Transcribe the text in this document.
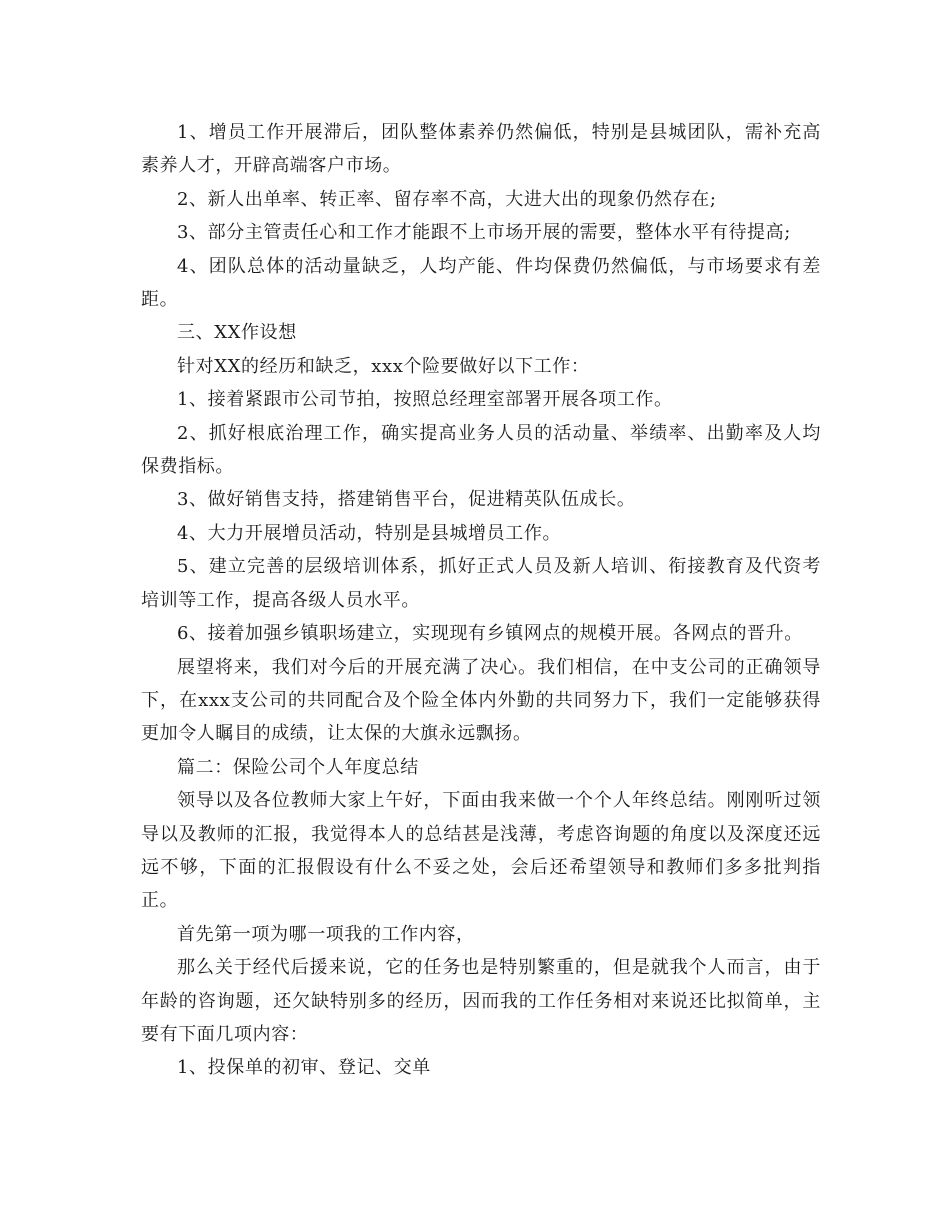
1、增员工作开展滞后，团队整体素养仍然偏低，特别是县城团队，需补充高素养人才，开辟高端客户市场。

2、新人出单率、转正率、留存率不高，大进大出的现象仍然存在;

3、部分主管责任心和工作才能跟不上市场开展的需要，整体水平有待提高;

4、团队总体的活动量缺乏，人均产能、件均保费仍然偏低，与市场要求有差距。

三、XX作设想

针对XX的经历和缺乏，xxx个险要做好以下工作：

1、接着紧跟市公司节拍，按照总经理室部署开展各项工作。

2、抓好根底治理工作，确实提高业务人员的活动量、举绩率、出勤率及人均保费指标。

3、做好销售支持，搭建销售平台，促进精英队伍成长。

4、大力开展增员活动，特别是县城增员工作。

5、建立完善的层级培训体系，抓好正式人员及新人培训、衔接教育及代资考培训等工作，提高各级人员水平。

6、接着加强乡镇职场建立，实现现有乡镇网点的规模开展。各网点的晋升。

展望将来，我们对今后的开展充满了决心。我们相信，在中支公司的正确领导下，在xxx支公司的共同配合及个险全体内外勤的共同努力下，我们一定能够获得更加令人瞩目的成绩，让太保的大旗永远飘扬。

篇二：保险公司个人年度总结

领导以及各位教师大家上午好，下面由我来做一个个人年终总结。刚刚听过领导以及教师的汇报，我觉得本人的总结甚是浅薄，考虑咨询题的角度以及深度还远远不够，下面的汇报假设有什么不妥之处，会后还希望领导和教师们多多批判指正。

首先第一项为哪一项我的工作内容，

那么关于经代后援来说，它的任务也是特别繁重的，但是就我个人而言，由于年龄的咨询题，还欠缺特别多的经历，因而我的工作任务相对来说还比拟简单，主要有下面几项内容：

1、投保单的初审、登记、交单
